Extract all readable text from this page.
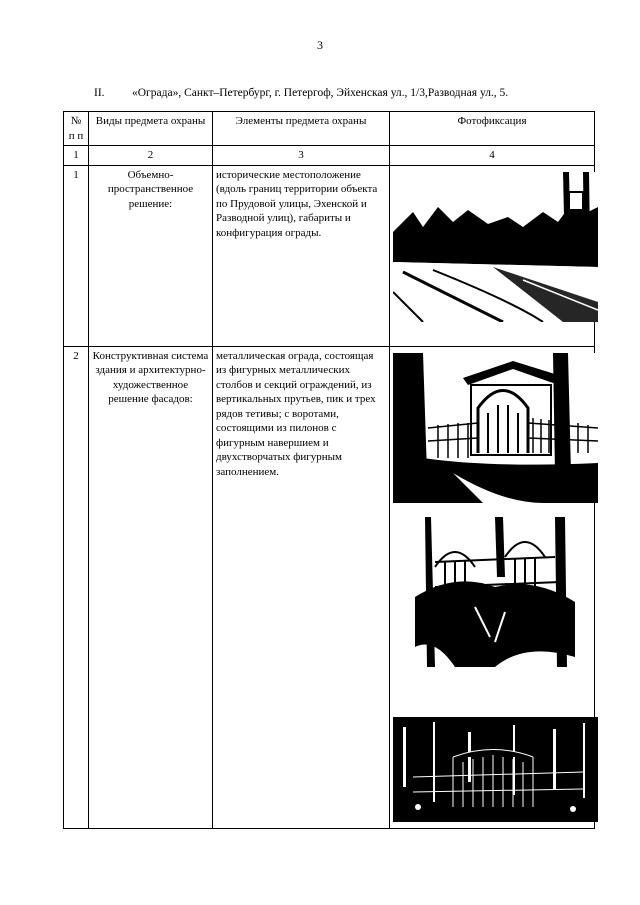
3
II. «Ограда», Санкт–Петербург, г. Петергоф, Эйхенская ул., 1/3,Разводная ул., 5.
№ п п	Виды предмета охраны	Элементы предмета охраны	Фотофиксация
1	2	3	4
1	Объемно-пространственное решение:	исторические местоположение (вдоль границ территории объекта по Прудовой улицы, Эхенской и Разводной улиц), габариты и конфигурация ограды.	

2	Конструктивная система здания и архитектурно-художественное решение фасадов:	металлическая ограда, состоящая из фигурных металлических столбов и секций ограждений, из вертикальных прутьев, пик и трех рядов тетивы; с воротами, состоящими из пилонов с фигурным навершием и двухстворчатых фигурным заполнением.	
